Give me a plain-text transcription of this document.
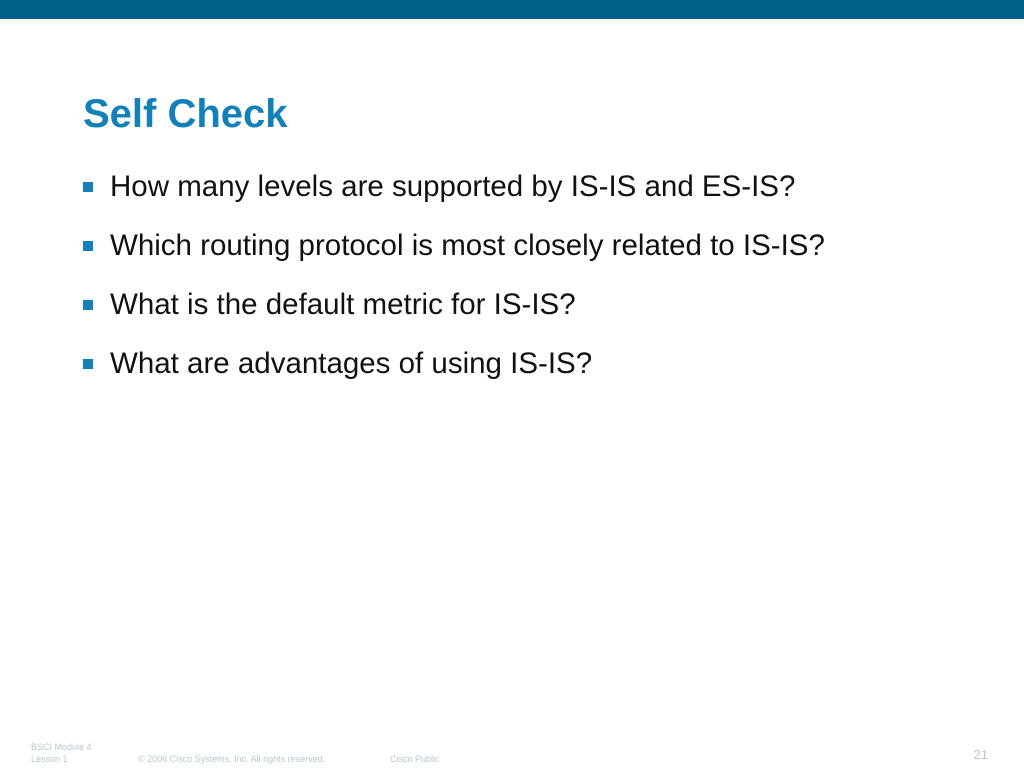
Self Check
How many levels are supported by IS-IS and ES-IS?
Which routing protocol is most closely related to IS-IS?
What is the default metric for IS-IS?
What are advantages of using IS-IS?
BSCI Module 4
Lesson 1	© 2006 Cisco Systems, Inc. All rights reserved.	Cisco Public	21
